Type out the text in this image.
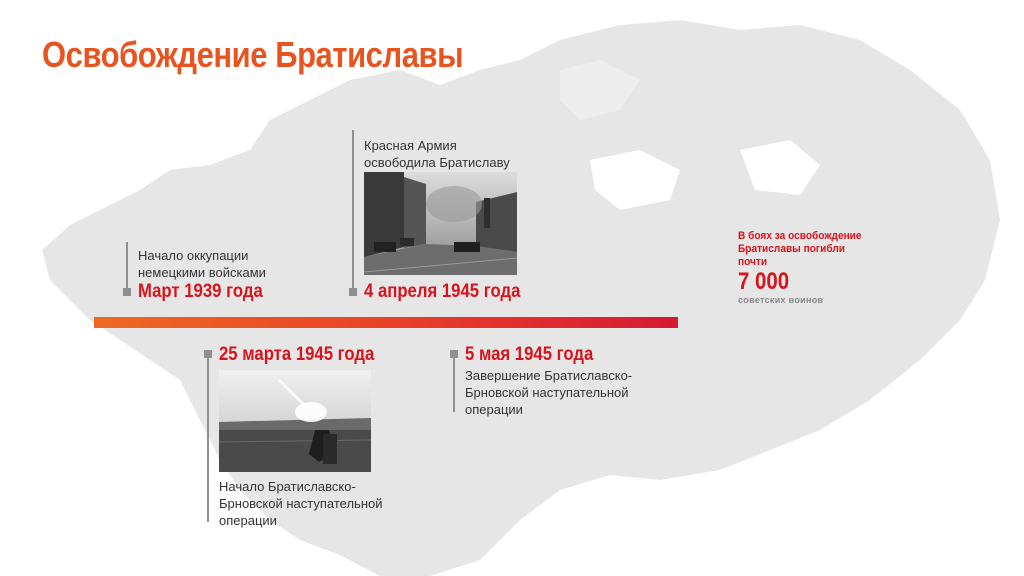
Освобождение Братиславы
Начало оккупации
немецкими войсками
Март 1939 года
Красная Армия
освободила Братиславу
4 апреля 1945 года
25 марта 1945 года
Начало Братиславско-
Брновской наступательной
операции
5 мая 1945 года
Завершение Братиславско-
Брновской наступательной
операции
В боях за освобождение
Братиславы погибли
почти
7 000
советских воинов
